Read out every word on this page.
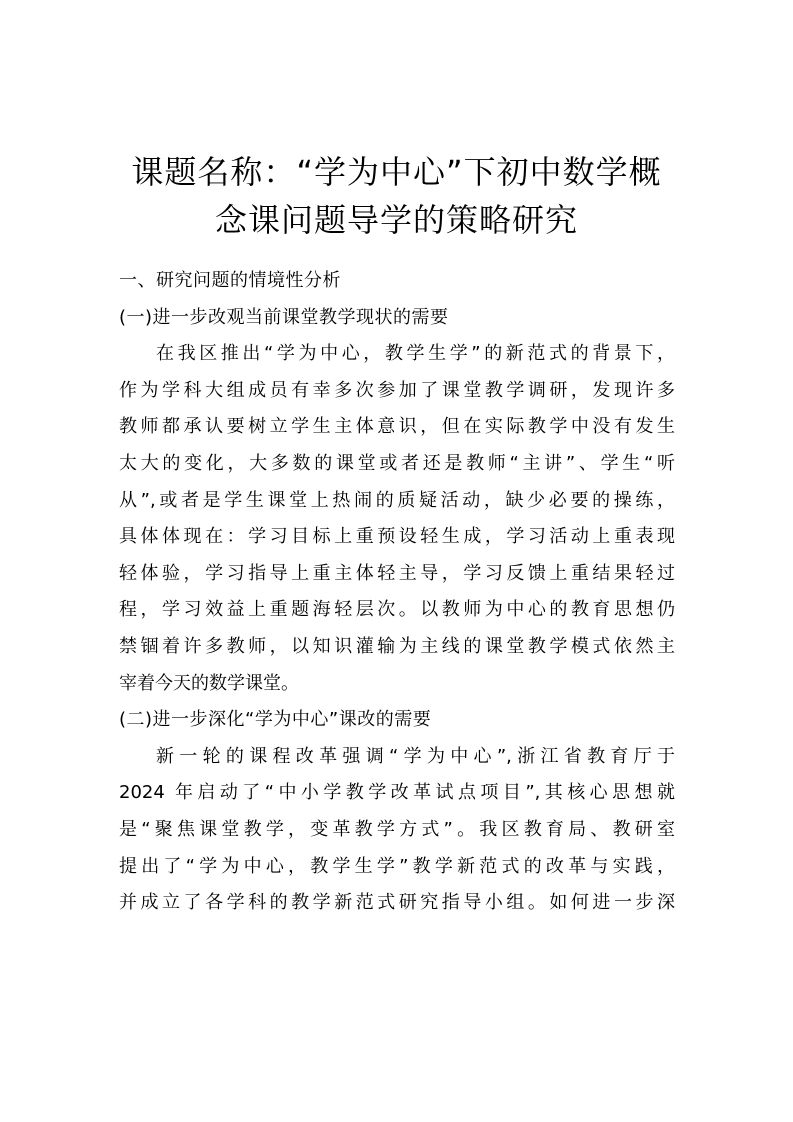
课题名称：“学为中心”下初中数学概
念课问题导学的策略研究
一、研究问题的情境性分析
(一)进一步改观当前课堂教学现状的需要
在我区推出“学为中心，教学生学”的新范式的背景下，
作为学科大组成员有幸多次参加了课堂教学调研，发现许多
教师都承认要树立学生主体意识，但在实际教学中没有发生
太大的变化，大多数的课堂或者还是教师“主讲”、学生“听
从”,或者是学生课堂上热闹的质疑活动，缺少必要的操练，
具体体现在：学习目标上重预设轻生成，学习活动上重表现
轻体验，学习指导上重主体轻主导，学习反馈上重结果轻过
程，学习效益上重题海轻层次。以教师为中心的教育思想仍
禁锢着许多教师，以知识灌输为主线的课堂教学模式依然主
宰着今天的数学课堂。
(二)进一步深化“学为中心”课改的需要
新一轮的课程改革强调“学为中心”,浙江省教育厅于
2024 年启动了“中小学教学改革试点项目”,其核心思想就
是“聚焦课堂教学，变革教学方式”。我区教育局、教研室
提出了“学为中心，教学生学”教学新范式的改革与实践，
并成立了各学科的教学新范式研究指导小组。如何进一步深
